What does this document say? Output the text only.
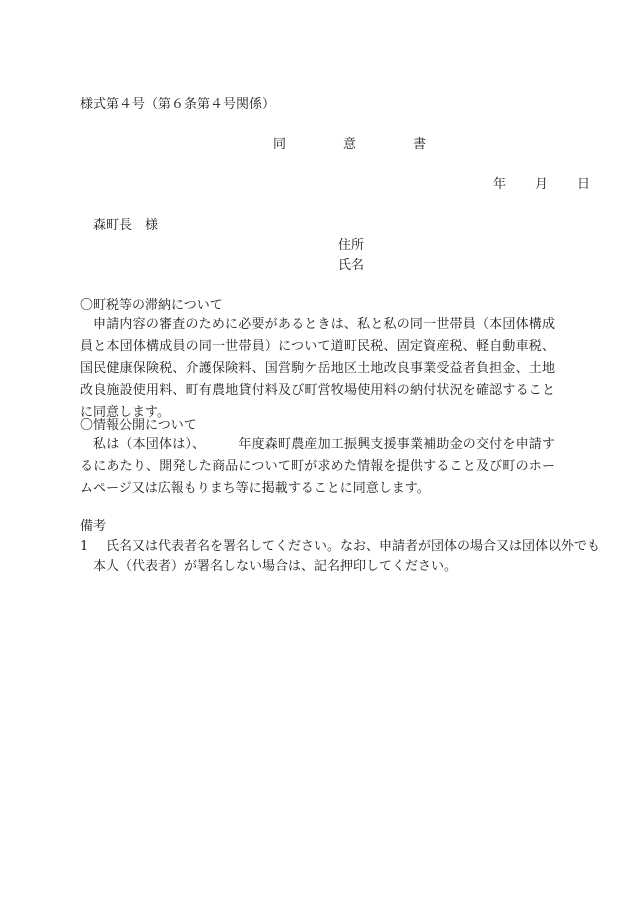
様式第４号（第６条第４号関係）
同　意　書
年　月　日
森町長　様
住所
氏名
〇町税等の滞納について
申請内容の審査のために必要があるときは、私と私の同一世帯員（本団体構成員と本団体構成員の同一世帯員）について道町民税、固定資産税、軽自動車税、国民健康保険税、介護保険料、国営駒ケ岳地区土地改良事業受益者負担金、土地改良施設使用料、町有農地貸付料及び町営牧場使用料の納付状況を確認することに同意します。
〇情報公開について
私は（本団体は）、　　　年度森町農産加工振興支援事業補助金の交付を申請するにあたり、開発した商品について町が求めた情報を提供すること及び町のホームページ又は広報もりまち等に掲載することに同意します。
備考
1 氏名又は代表者名を署名してください。なお、申請者が団体の場合又は団体以外でも
本人（代表者）が署名しない場合は、記名押印してください。
